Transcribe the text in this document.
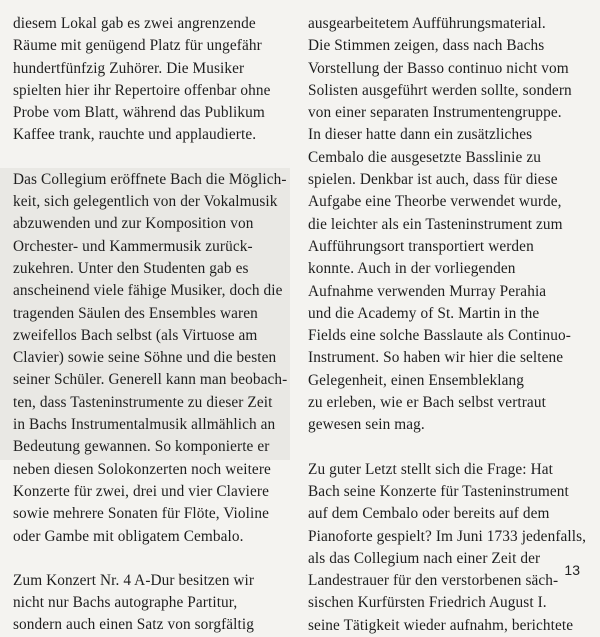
diesem Lokal gab es zwei angrenzende
Räume mit genügend Platz für ungefähr
hundertfünfzig Zuhörer. Die Musiker
spielten hier ihr Repertoire offenbar ohne
Probe vom Blatt, während das Publikum
Kaffee trank, rauchte und applaudierte.

Das Collegium eröffnete Bach die Möglich-
keit, sich gelegentlich von der Vokalmusik
abzuwenden und zur Komposition von
Orchester- und Kammermusik zurück-
zukehren. Unter den Studenten gab es
anscheinend viele fähige Musiker, doch die
tragenden Säulen des Ensembles waren
zweifellos Bach selbst (als Virtuose am
Clavier) sowie seine Söhne und die besten
seiner Schüler. Generell kann man beobach-
ten, dass Tasteninstrumente zu dieser Zeit
in Bachs Instrumentalmusik allmählich an
Bedeutung gewannen. So komponierte er
neben diesen Solokonzerten noch weitere
Konzerte für zwei, drei und vier Claviere
sowie mehrere Sonaten für Flöte, Violine
oder Gambe mit obligatem Cembalo.

Zum Konzert Nr. 4 A-Dur besitzen wir
nicht nur Bachs autographe Partitur,
sondern auch einen Satz von sorgfältig

ausgearbeitetem Aufführungsmaterial.
Die Stimmen zeigen, dass nach Bachs
Vorstellung der Basso continuo nicht vom
Solisten ausgeführt werden sollte, sondern
von einer separaten Instrumentengruppe.
In dieser hatte dann ein zusätzliches
Cembalo die ausgesetzte Basslinie zu
spielen. Denkbar ist auch, dass für diese
Aufgabe eine Theorbe verwendet wurde,
die leichter als ein Tasteninstrument zum
Aufführungsort transportiert werden
konnte. Auch in der vorliegenden
Aufnahme verwenden Murray Perahia
und die Academy of St. Martin in the
Fields eine solche Basslaute als Continuo-
Instrument. So haben wir hier die seltene
Gelegenheit, einen Ensembleklang
zu erleben, wie er Bach selbst vertraut
gewesen sein mag.

Zu guter Letzt stellt sich die Frage: Hat
Bach seine Konzerte für Tasteninstrument
auf dem Cembalo oder bereits auf dem
Pianoforte gespielt? Im Juni 1733 jedenfalls,
als das Collegium nach einer Zeit der
Landestrauer für den verstorbenen säch-
sischen Kurfürsten Friedrich August I.
seine Tätigkeit wieder aufnahm, berichtete

13
